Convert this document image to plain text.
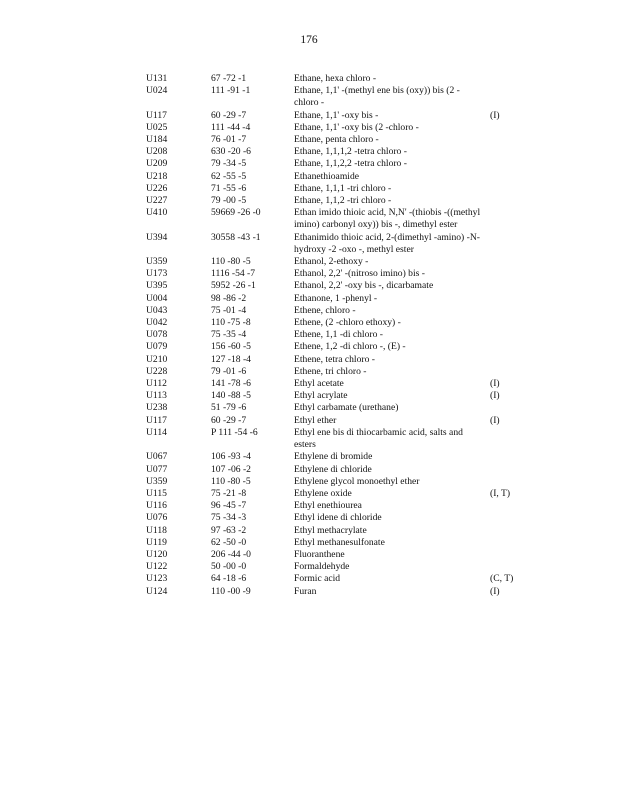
176
U131	67 -72 -1	Ethane, hexa chloro -
U024	111 -91 -1	Ethane, 1,1' -(methyl ene bis (oxy)) bis (2 -chloro -
U117	60 -29 -7	Ethane, 1,1' -oxy bis -	(I)
U025	111 -44 -4	Ethane, 1,1' -oxy bis (2 -chloro -
U184	76 -01 -7	Ethane, penta chloro -
U208	630 -20 -6	Ethane, 1,1,1,2 -tetra chloro -
U209	79 -34 -5	Ethane, 1,1,2,2 -tetra chloro -
U218	62 -55 -5	Ethanethioamide
U226	71 -55 -6	Ethane, 1,1,1 -tri chloro -
U227	79 -00 -5	Ethane, 1,1,2 -tri chloro -
U410	59669 -26 -0	Ethan imido thioic acid, N,N' -(thiobis -((methyl imino) carbonyl oxy)) bis -, dimethyl ester
U394	30558 -43 -1	Ethanimido thioic acid, 2-(dimethyl -amino) -N-hydroxy -2 -oxo -, methyl ester
U359	110 -80 -5	Ethanol, 2-ethoxy -
U173	1116 -54 -7	Ethanol, 2,2' -(nitroso imino) bis -
U395	5952 -26 -1	Ethanol, 2,2' -oxy bis -, dicarbamate
U004	98 -86 -2	Ethanone, 1 -phenyl -
U043	75 -01 -4	Ethene, chloro -
U042	110 -75 -8	Ethene, (2 -chloro ethoxy) -
U078	75 -35 -4	Ethene, 1,1 -di chloro -
U079	156 -60 -5	Ethene, 1,2 -di chloro -, (E) -
U210	127 -18 -4	Ethene, tetra chloro -
U228	79 -01 -6	Ethene, tri chloro -
U112	141 -78 -6	Ethyl acetate	(I)
U113	140 -88 -5	Ethyl acrylate	(I)
U238	51 -79 -6	Ethyl carbamate (urethane)
U117	60 -29 -7	Ethyl ether	(I)
U114	P 111 -54 -6	Ethyl ene bis di thiocarbamic acid, salts and esters
U067	106 -93 -4	Ethylene di bromide
U077	107 -06 -2	Ethylene di chloride
U359	110 -80 -5	Ethylene glycol monoethyl ether
U115	75 -21 -8	Ethylene oxide	(I, T)
U116	96 -45 -7	Ethyl enethiourea
U076	75 -34 -3	Ethyl idene di chloride
U118	97 -63 -2	Ethyl methacrylate
U119	62 -50 -0	Ethyl methanesulfonate
U120	206 -44 -0	Fluoranthene
U122	50 -00 -0	Formaldehyde
U123	64 -18 -6	Formic acid	(C, T)
U124	110 -00 -9	Furan	(I)
